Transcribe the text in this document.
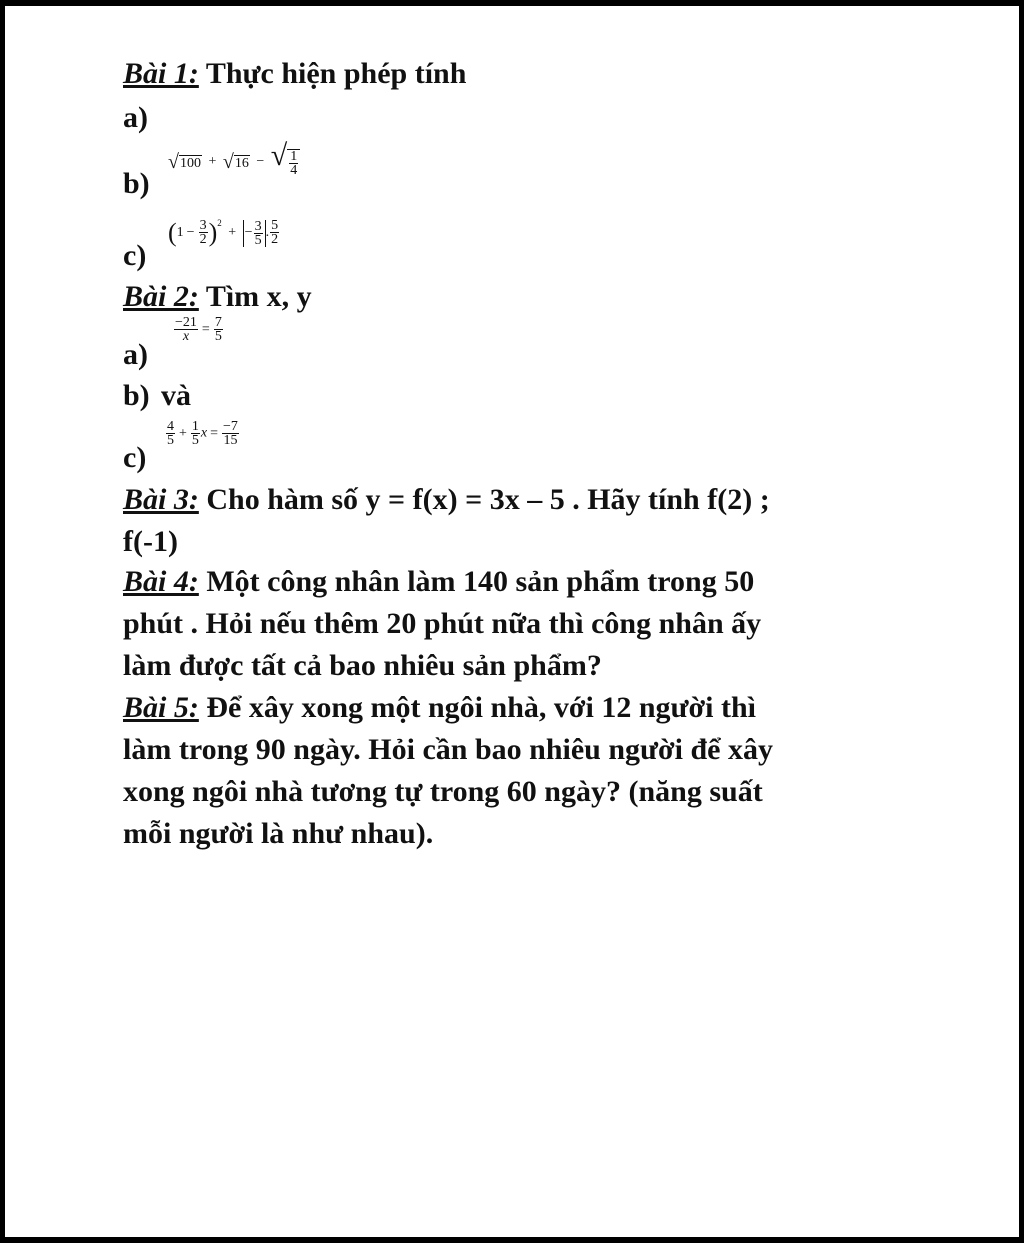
Bài 1: Thực hiện phép tính
a)
b)
√ 100 + √ 16 − √ $\frac{1}{4}$
c)
$(1 - \frac{3}{2} )^2$ + − $\frac{3}{5}$ . $\frac{5}{2}$
Bài 2: Tìm x, y
a)
$\frac{-21}{x} = \frac{7}{5}$
b) và
c)
$\frac{4}{5} + \frac{1}{5}$ $x = \frac{-7}{15}$
Bài 3: Cho hàm số y = f(x) = 3x – 5 . Hãy tính f(2) ;
f(-1)
Bài 4: Một công nhân làm 140 sản phẩm trong 50
phút . Hỏi nếu thêm 20 phút nữa thì công nhân ấy
làm được tất cả bao nhiêu sản phẩm?
Bài 5: Để xây xong một ngôi nhà, với 12 người thì
làm trong 90 ngày. Hỏi cần bao nhiêu người để xây
xong ngôi nhà tương tự trong 60 ngày? (năng suất
mỗi người là như nhau).
